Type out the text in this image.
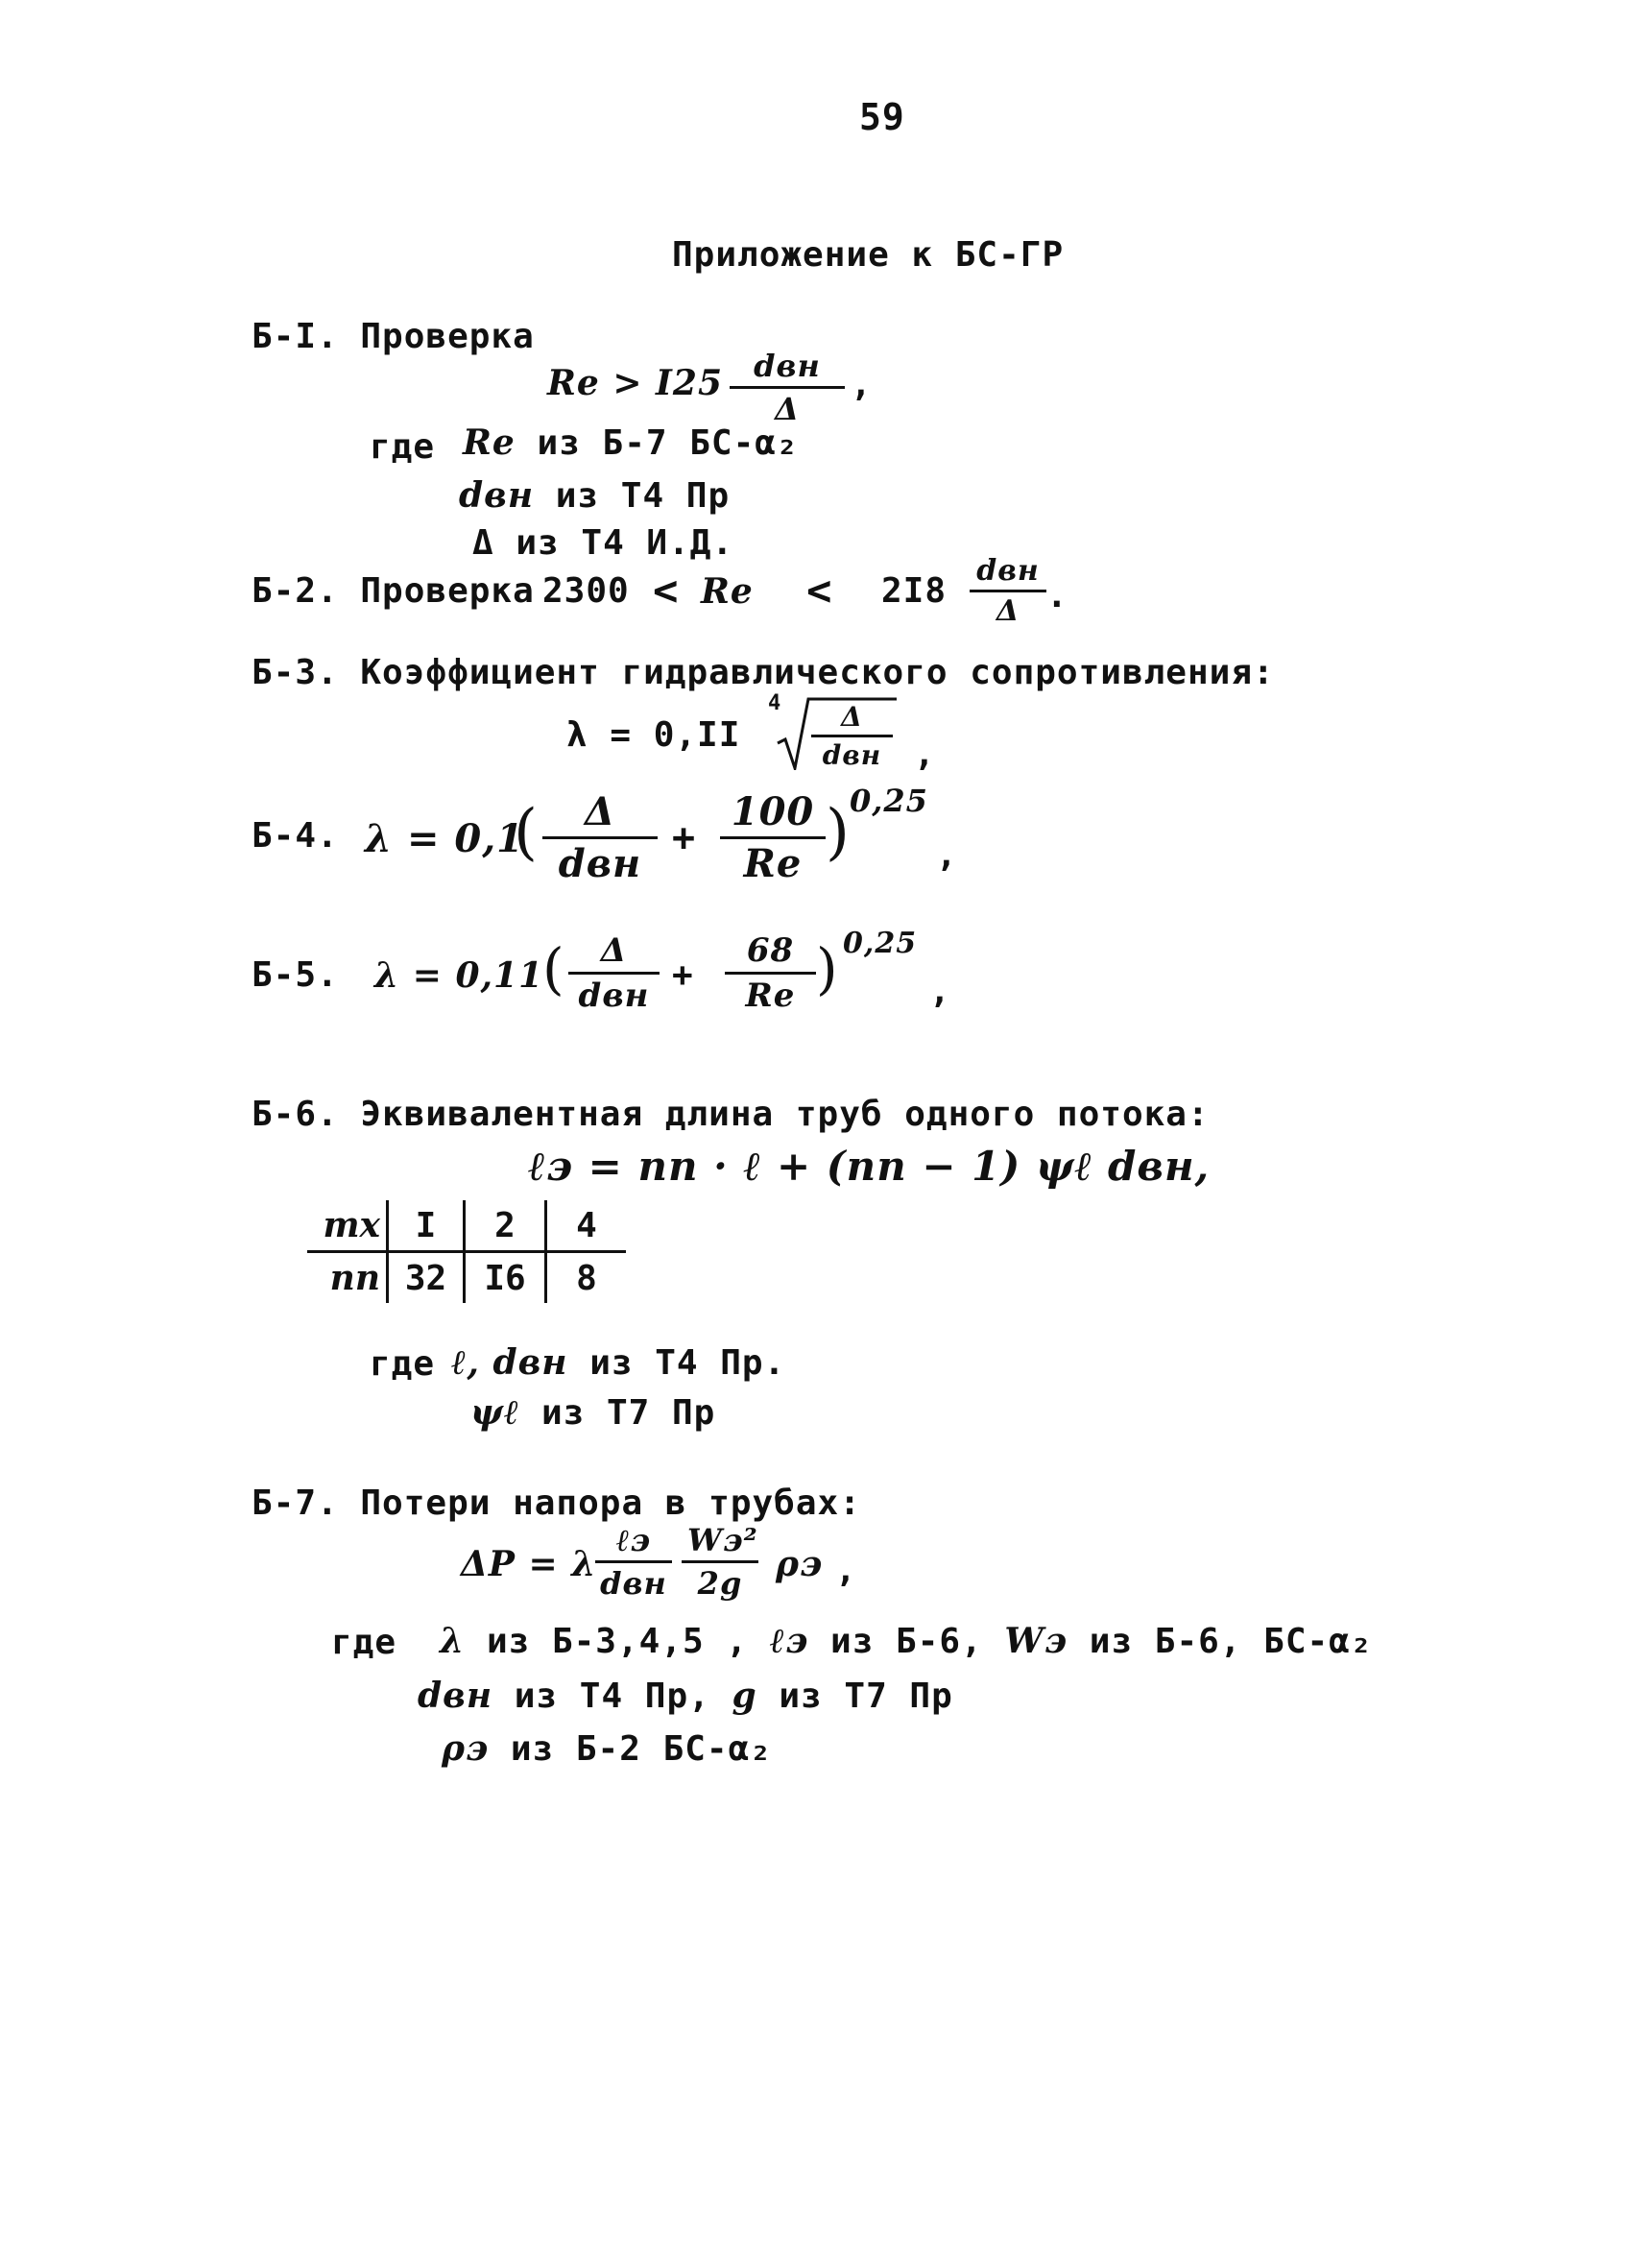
59
Приложение к БС-ГР
Б-I. Проверка
Re > I25	dвн
Δ
,
где Re из Б-7 БС-α₂
dвн из Т4 Пр
Δ из Т4 И.Д.
Б-2. Проверка 2300 < Re < 2I8
dвн
Δ .
Б-3. Коэффициент гидравлического сопротивления:
λ = 0,II
4	Δ
dвн ,
Б-4. λ = 0,1
(	Δ
dвн
+ $\frac{100}{Re}$ ) 0,25
,
Б-5. λ = 0,11
(	Δ
dвн
+ $\frac{68}{Re}$ ) 0,25
,
Б-6. Эквивалентная длина труб одного потока:
ℓэ = nп · ℓ + (nп − 1) ψℓ dвн,
mx	I	2	4
nп	32	I6	8
где ℓ, dвн из Т4 Пр.
ψℓ из Т7 Пр
Б-7. Потери напора в трубах:
ΔP = λ
ℓэ
dвн
Wэ²
2g ρэ ,
где λ из Б-3,4,5 , ℓэ из Б-6, Wэ из Б-6, БС-α₂
dвн из Т4 Пр, g из Т7 Пр
ρэ из Б-2 БС-α₂
